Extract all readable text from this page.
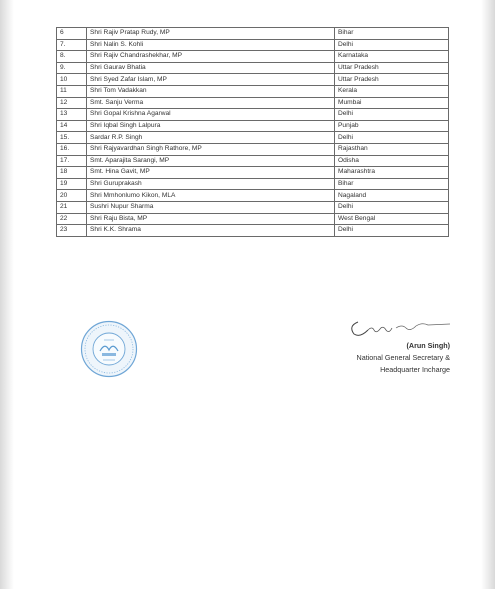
6	Shri Rajiv Pratap Rudy, MP	Bihar
7.	Shri Nalin S. Kohli	Delhi
8.	Shri Rajiv Chandrashekhar, MP	Karnataka
9.	Shri Gaurav Bhatia	Uttar Pradesh
10	Shri Syed Zafar Islam, MP	Uttar Pradesh
11	Shri Tom Vadakkan	Kerala
12	Smt. Sanju Verma	Mumbai
13	Shri Gopal Krishna Agarwal	Delhi
14	Shri Iqbal Singh Lalpura	Punjab
15.	Sardar R.P. Singh	Delhi
16.	Shri Rajyavardhan Singh Rathore, MP	Rajasthan
17.	Smt. Aparajita Sarangi, MP	Odisha
18	Smt. Hina Gavit, MP	Maharashtra
19	Shri Guruprakash	Bihar
20	Shri Mmhonlumo Kikon, MLA	Nagaland
21	Sushri Nupur Sharma	Delhi
22	Shri Raju Bista, MP	West Bengal
23	Shri K.K. Shrama	Delhi
(Arun Singh)
National General Secretary &
Headquarter Incharge
